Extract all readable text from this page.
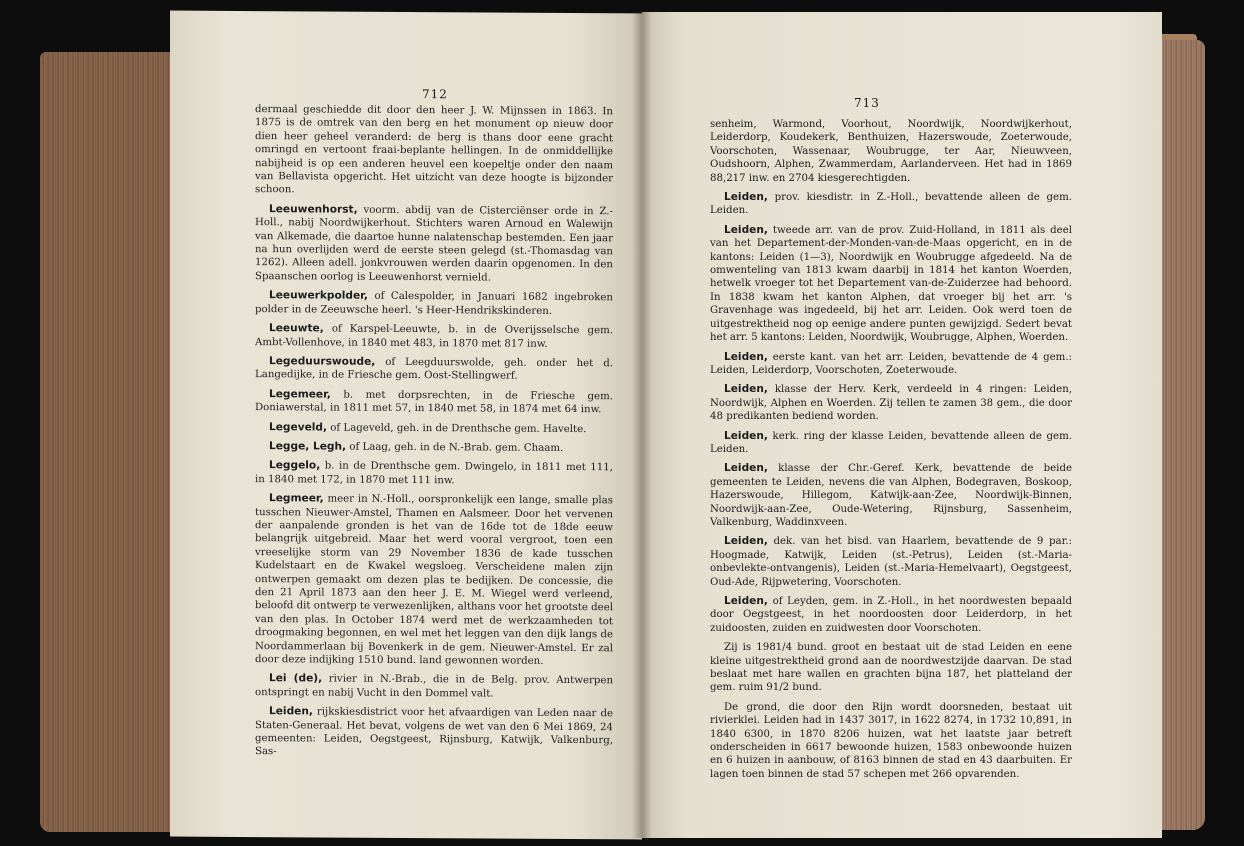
712

dermaal geschiedde dit door den heer J. W. Mijnssen in 1863. In 1875 is de omtrek van den berg en het monument op nieuw door dien heer geheel veranderd: de berg is thans door eene gracht omringd en vertoont fraai-beplante hellingen. In de onmiddellijke nabijheid is op een anderen heuvel een koepeltje onder den naam van Bellavista opgericht. Het uitzicht van deze hoogte is bijzonder schoon.

Leeuwenhorst, voorm. abdij van de Cisterciënser orde in Z.-Holl., nabij Noordwijkerhout. Stichters waren Arnoud en Walewijn van Alkemade, die daartoe hunne nalatenschap bestemden. Een jaar na hun overlijden werd de eerste steen gelegd (st.-Thomasdag van 1262). Alleen adell. jonkvrouwen werden daarin opgenomen. In den Spaanschen oorlog is Leeuwenhorst vernield.

Leeuwerkpolder, of Calespolder, in Januari 1682 ingebroken polder in de Zeeuwsche heerl. 's Heer-Hendrikskinderen.

Leeuwte, of Karspel-Leeuwte, b. in de Overijsselsche gem. Ambt-Vollenhove, in 1840 met 483, in 1870 met 817 inw.

Legeduurswoude, of Leegduurswolde, geh. onder het d. Langedijke, in de Friesche gem. Oost-Stellingwerf.

Legemeer, b. met dorpsrechten, in de Friesche gem. Doniawerstal, in 1811 met 57, in 1840 met 58, in 1874 met 64 inw.

Legeveld, of Lageveld, geh. in de Drenthsche gem. Havelte.

Legge, Legh, of Laag, geh. in de N.-Brab. gem. Chaam.

Leggelo, b. in de Drenthsche gem. Dwingelo, in 1811 met 111, in 1840 met 172, in 1870 met 111 inw.

Legmeer, meer in N.-Holl., oorspronkelijk een lange, smalle plas tusschen Nieuwer-Amstel, Thamen en Aalsmeer. Door het vervenen der aanpalende gronden is het van de 16de tot de 18de eeuw belangrijk uitgebreid. Maar het werd vooral vergroot, toen een vreeselijke storm van 29 November 1836 de kade tusschen Kudelstaart en de Kwakel wegsloeg. Verscheidene malen zijn ontwerpen gemaakt om dezen plas te bedijken. De concessie, die den 21 April 1873 aan den heer J. E. M. Wiegel werd verleend, beloofd dit ontwerp te verwezenlijken, althans voor het grootste deel van den plas. In October 1874 werd met de werkzaamheden tot droogmaking begonnen, en wel met het leggen van den dijk langs de Noordammerlaan bij Bovenkerk in de gem. Nieuwer-Amstel. Er zal door deze indijking 1510 bund. land gewonnen worden.

Lei (de), rivier in N.-Brab., die in de Belg. prov. Antwerpen ontspringt en nabij Vucht in den Dommel valt.

Leiden, rijkskiesdistrict voor het afvaardigen van Leden naar de Staten-Generaal. Het bevat, volgens de wet van den 6 Mei 1869, 24 gemeenten: Leiden, Oegstgeest, Rijnsburg, Katwijk, Valkenburg, Sas-

713

senheim, Warmond, Voorhout, Noordwijk, Noordwijkerhout, Leiderdorp, Koudekerk, Benthuizen, Hazerswoude, Zoeterwoude, Voorschoten, Wassenaar, Woubrugge, ter Aar, Nieuwveen, Oudshoorn, Alphen, Zwammerdam, Aarlanderveen. Het had in 1869 88,217 inw. en 2704 kiesgerechtigden.

Leiden, prov. kiesdistr. in Z.-Holl., bevattende alleen de gem. Leiden.

Leiden, tweede arr. van de prov. Zuid-Holland, in 1811 als deel van het Departement-der-Monden-van-de-Maas opgericht, en in de kantons: Leiden (1—3), Noordwijk en Woubrugge afgedeeld. Na de omwenteling van 1813 kwam daarbij in 1814 het kanton Woerden, hetwelk vroeger tot het Departement van-de-Zuiderzee had behoord. In 1838 kwam het kanton Alphen, dat vroeger bij het arr. 's Gravenhage was ingedeeld, bij het arr. Leiden. Ook werd toen de uitgestrektheid nog op eenige andere punten gewijzigd. Sedert bevat het arr. 5 kantons: Leiden, Noordwijk, Woubrugge, Alphen, Woerden.

Leiden, eerste kant. van het arr. Leiden, bevattende de 4 gem.: Leiden, Leiderdorp, Voorschoten, Zoeterwoude.

Leiden, klasse der Herv. Kerk, verdeeld in 4 ringen: Leiden, Noordwijk, Alphen en Woerden. Zij tellen te zamen 38 gem., die door 48 predikanten bediend worden.

Leiden, kerk. ring der klasse Leiden, bevattende alleen de gem. Leiden.

Leiden, klasse der Chr.-Geref. Kerk, bevattende de beide gemeenten te Leiden, nevens die van Alphen, Bodegraven, Boskoop, Hazerswoude, Hillegom, Katwijk-aan-Zee, Noordwijk-Binnen, Noordwijk-aan-Zee, Oude-Wetering, Rijnsburg, Sassenheim, Valkenburg, Waddinxveen.

Leiden, dek. van het bisd. van Haarlem, bevattende de 9 par.: Hoogmade, Katwijk, Leiden (st.-Petrus), Leiden (st.-Maria-onbevlekte-ontvangenis), Leiden (st.-Maria-Hemelvaart), Oegstgeest, Oud-Ade, Rijpwetering, Voorschoten.

Leiden, of Leyden, gem. in Z.-Holl., in het noordwesten bepaald door Oegstgeest, in het noordoosten door Leiderdorp, in het zuidoosten, zuiden en zuidwesten door Voorschoten.

Zij is 1981/4 bund. groot en bestaat uit de stad Leiden en eene kleine uitgestrektheid grond aan de noordwestzijde daarvan. De stad beslaat met hare wallen en grachten bijna 187, het platteland der gem. ruim 91/2 bund.

De grond, die door den Rijn wordt doorsneden, bestaat uit rivierklei. Leiden had in 1437 3017, in 1622 8274, in 1732 10,891, in 1840 6300, in 1870 8206 huizen, wat het laatste jaar betreft onderscheiden in 6617 bewoonde huizen, 1583 onbewoonde huizen en 6 huizen in aanbouw, of 8163 binnen de stad en 43 daarbuiten. Er lagen toen binnen de stad 57 schepen met 266 opvarenden.
